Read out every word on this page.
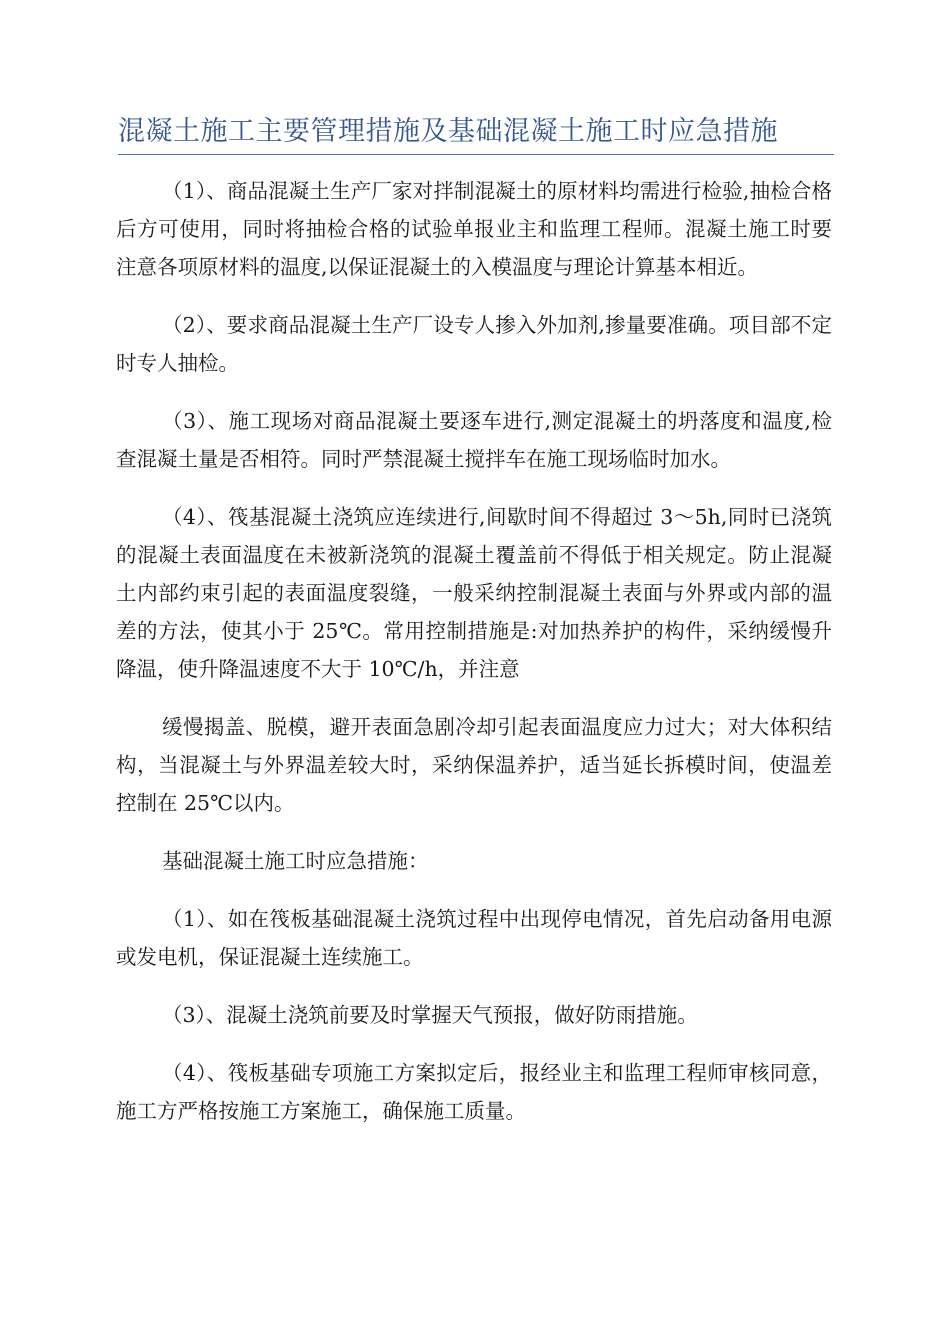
混凝土施工主要管理措施及基础混凝土施工时应急措施

（1）、商品混凝土生产厂家对拌制混凝土的原材料均需进行检验,抽检合格后方可使用，同时将抽检合格的试验单报业主和监理工程师。混凝土施工时要注意各项原材料的温度,以保证混凝土的入模温度与理论计算基本相近。

（2）、要求商品混凝土生产厂设专人掺入外加剂,掺量要准确。项目部不定时专人抽检。

（3）、施工现场对商品混凝土要逐车进行,测定混凝土的坍落度和温度,检查混凝土量是否相符。同时严禁混凝土搅拌车在施工现场临时加水。

（4）、筏基混凝土浇筑应连续进行,间歇时间不得超过 3～5h,同时已浇筑的混凝土表面温度在未被新浇筑的混凝土覆盖前不得低于相关规定。防止混凝土内部约束引起的表面温度裂缝，一般采纳控制混凝土表面与外界或内部的温差的方法，使其小于 25℃。常用控制措施是:对加热养护的构件，采纳缓慢升降温，使升降温速度不大于 10℃/h，并注意

缓慢揭盖、脱模，避开表面急剧冷却引起表面温度应力过大；对大体积结构，当混凝土与外界温差较大时，采纳保温养护，适当延长拆模时间，使温差控制在 25℃以内。

基础混凝土施工时应急措施：

（1）、如在筏板基础混凝土浇筑过程中出现停电情况，首先启动备用电源或发电机，保证混凝土连续施工。

（3）、混凝土浇筑前要及时掌握天气预报，做好防雨措施。

（4）、筏板基础专项施工方案拟定后，报经业主和监理工程师审核同意，施工方严格按施工方案施工，确保施工质量。
